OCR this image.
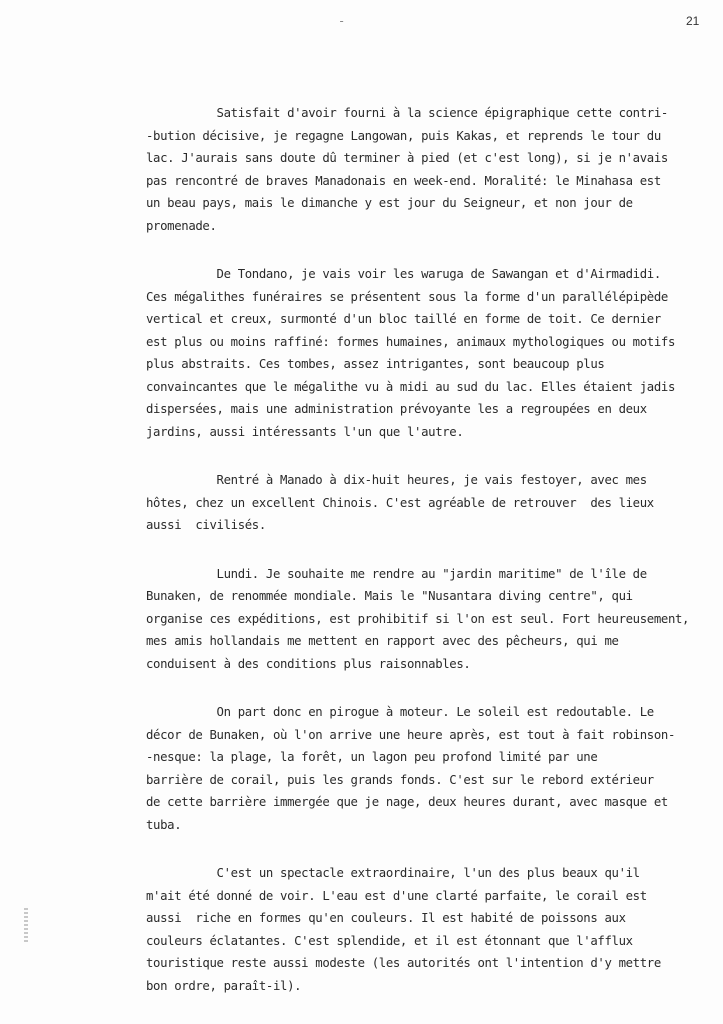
-	21
Satisfait d'avoir fourni à la science épigraphique cette contri-
-bution décisive, je regagne Langowan, puis Kakas, et reprends le tour du
lac. J'aurais sans doute dû terminer à pied (et c'est long), si je n'avais
pas rencontré de braves Manadonais en week-end. Moralité: le Minahasa est
un beau pays, mais le dimanche y est jour du Seigneur, et non jour de
promenade.
De Tondano, je vais voir les waruga de Sawangan et d'Airmadidi.
Ces mégalithes funéraires se présentent sous la forme d'un parallélépipède
vertical et creux, surmonté d'un bloc taillé en forme de toit. Ce dernier
est plus ou moins raffiné: formes humaines, animaux mythologiques ou motifs
plus abstraits. Ces tombes, assez intrigantes, sont beaucoup plus
convaincantes que le mégalithe vu à midi au sud du lac. Elles étaient jadis
dispersées, mais une administration prévoyante les a regroupées en deux
jardins, aussi intéressants l'un que l'autre.
Rentré à Manado à dix-huit heures, je vais festoyer, avec mes
hôtes, chez un excellent Chinois. C'est agréable de retrouver  des lieux
aussi  civilisés.
Lundi. Je souhaite me rendre au "jardin maritime" de l'île de
Bunaken, de renommée mondiale. Mais le "Nusantara diving centre", qui
organise ces expéditions, est prohibitif si l'on est seul. Fort heureusement,
mes amis hollandais me mettent en rapport avec des pêcheurs, qui me
conduisent à des conditions plus raisonnables.
On part donc en pirogue à moteur. Le soleil est redoutable. Le
décor de Bunaken, où l'on arrive une heure après, est tout à fait robinson-
-nesque: la plage, la forêt, un lagon peu profond limité par une
barrière de corail, puis les grands fonds. C'est sur le rebord extérieur
de cette barrière immergée que je nage, deux heures durant, avec masque et
tuba.
C'est un spectacle extraordinaire, l'un des plus beaux qu'il
m'ait été donné de voir. L'eau est d'une clarté parfaite, le corail est
aussi  riche en formes qu'en couleurs. Il est habité de poissons aux
couleurs éclatantes. C'est splendide, et il est étonnant que l'afflux
touristique reste aussi modeste (les autorités ont l'intention d'y mettre
bon ordre, paraît-il).
